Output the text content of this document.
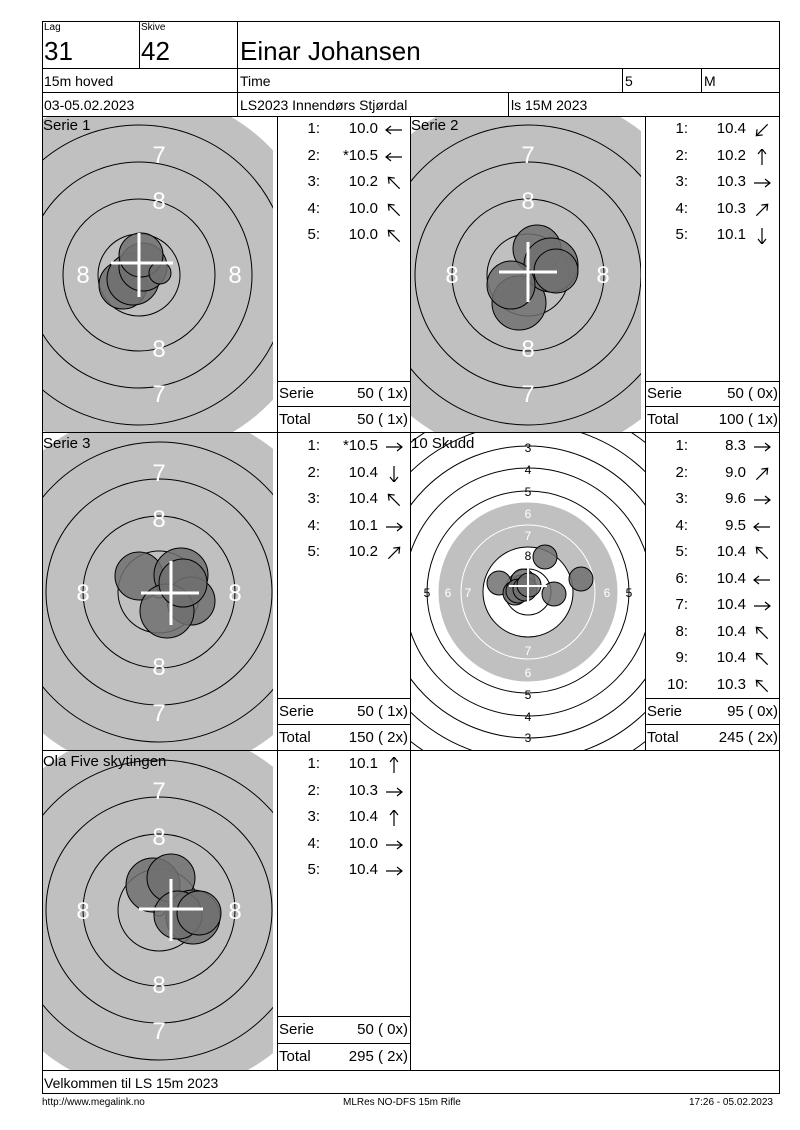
Lag
31
Skive
42	Einar Johansen
15m hoved	Time	5	M
03-05.02.2023	LS2023 Innendørs Stjørdal	ls 15M 2023
7
8
8	8
8
7
7
8
8	8
8
7
7
8
8	8
8
7
3
4
5
6
7
8
8
7
6
5
4
3
5 6 7	6 5
7
8
8	8
8
7
Serie 1	Serie 2
Serie 3	10 Skudd
Ola Five skytingen
1:	10.0
2:	*10.5
3:	10.2
4:	10.0
5:	10.0
1:	10.4
2:	10.2
3:	10.3
4:	10.3
5:	10.1
1:	*10.5
2:	10.4
3:	10.4
4:	10.1
5:	10.2
1:	8.3
2:	9.0
3:	9.6
4:	9.5
5:	10.4
6:	10.4
7:	10.4
8:	10.4
9:	10.4
10:	10.3
1:	10.1
2:	10.3
3:	10.4
4:	10.0
5:	10.4
Serie	50 ( 1x)
Total	50 ( 1x)
Serie	50 ( 0x)
Total	100 ( 1x)
Serie	50 ( 1x)
Total	150 ( 2x)
Serie	95 ( 0x)
Total	245 ( 2x)
Serie	50 ( 0x)
Total	295 ( 2x)
Velkommen til LS 15m 2023
http://www.megalink.no	MLRes NO-DFS 15m Rifle	17:26 - 05.02.2023
